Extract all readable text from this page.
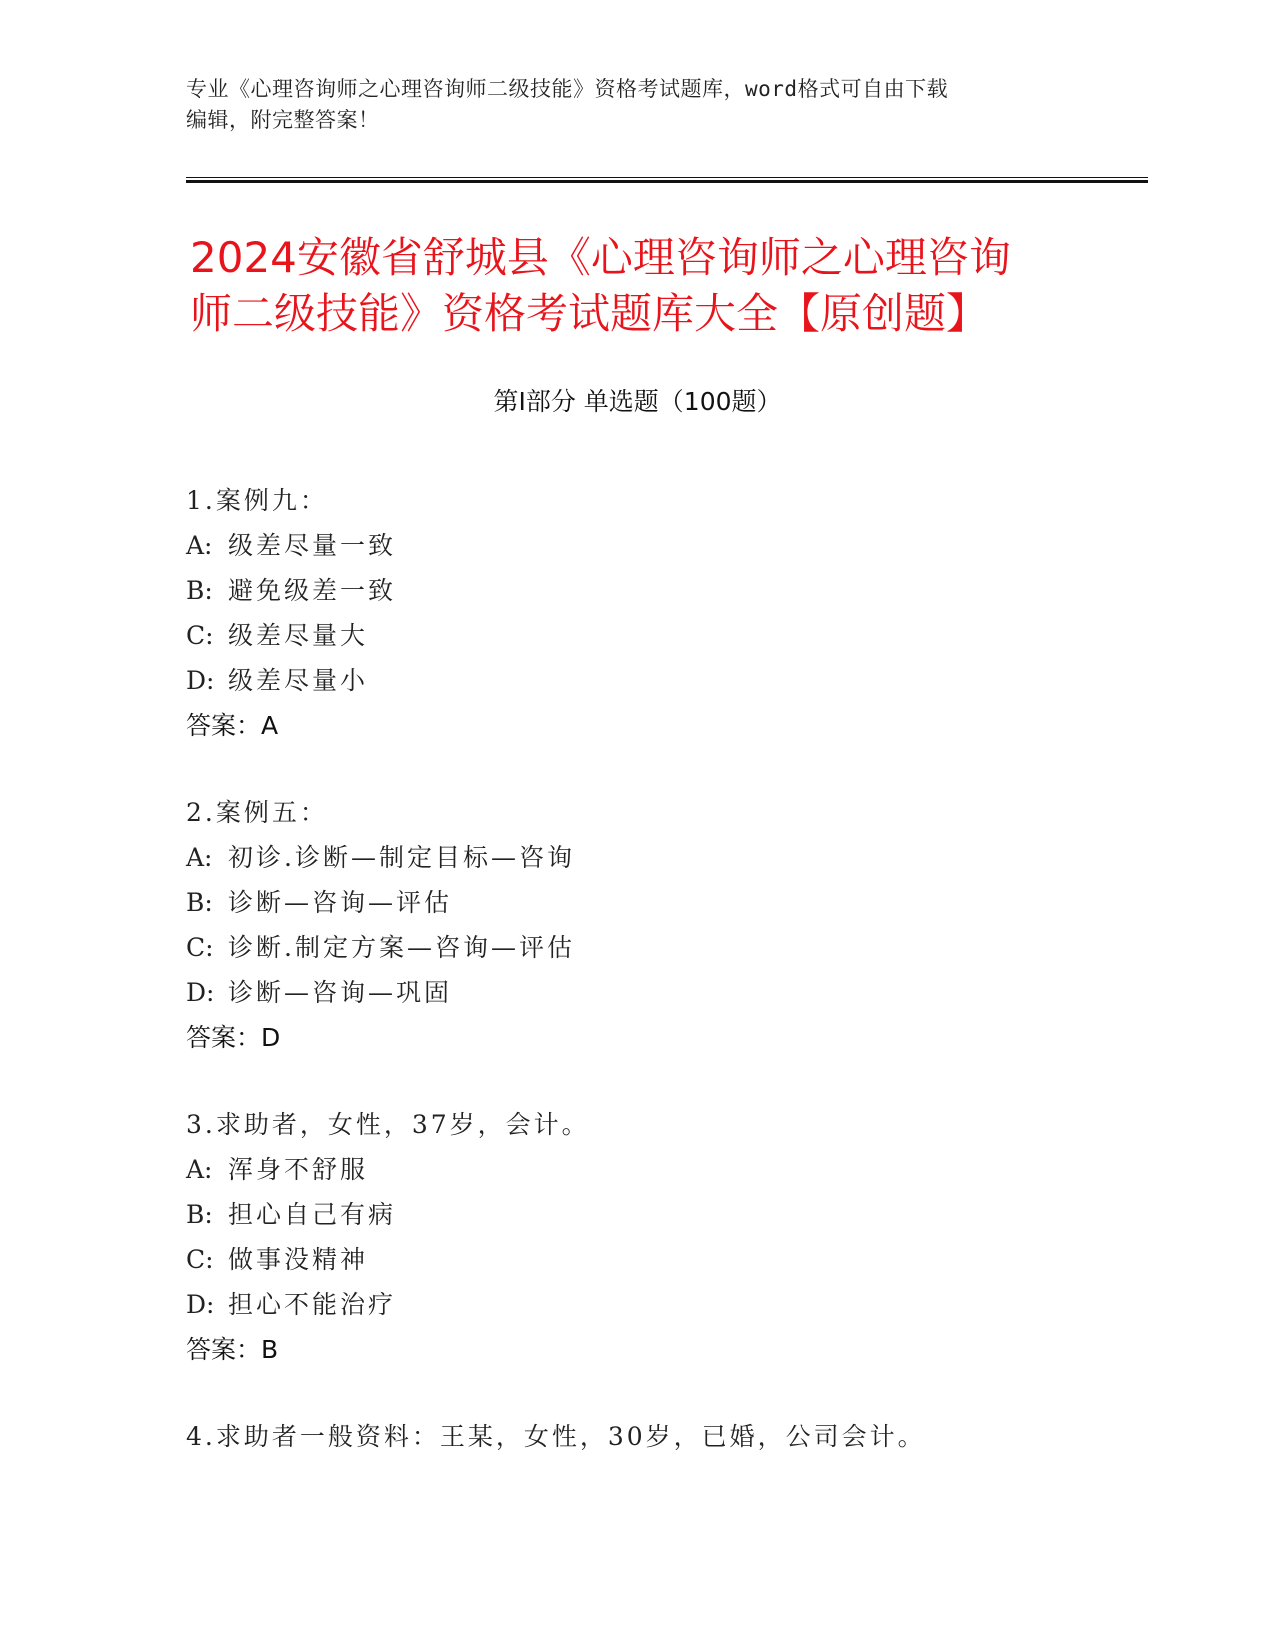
专业《心理咨询师之心理咨询师二级技能》资格考试题库，word格式可自由下载
编辑，附完整答案！
2024安徽省舒城县《心理咨询师之心理咨询
师二级技能》资格考试题库大全【原创题】
第Ⅰ部分 单选题（100题）
1.案例九：
A: 级差尽量一致
B: 避免级差一致
C: 级差尽量大
D: 级差尽量小
答案：A
2.案例五：
A: 初诊.诊断—制定目标—咨询
B: 诊断—咨询—评估
C: 诊断.制定方案—咨询—评估
D: 诊断—咨询—巩固
答案：D
3.求助者，女性，37岁，会计。
A: 浑身不舒服
B: 担心自己有病
C: 做事没精神
D: 担心不能治疗
答案：B
4.求助者一般资料：王某，女性，30岁，已婚，公司会计。
